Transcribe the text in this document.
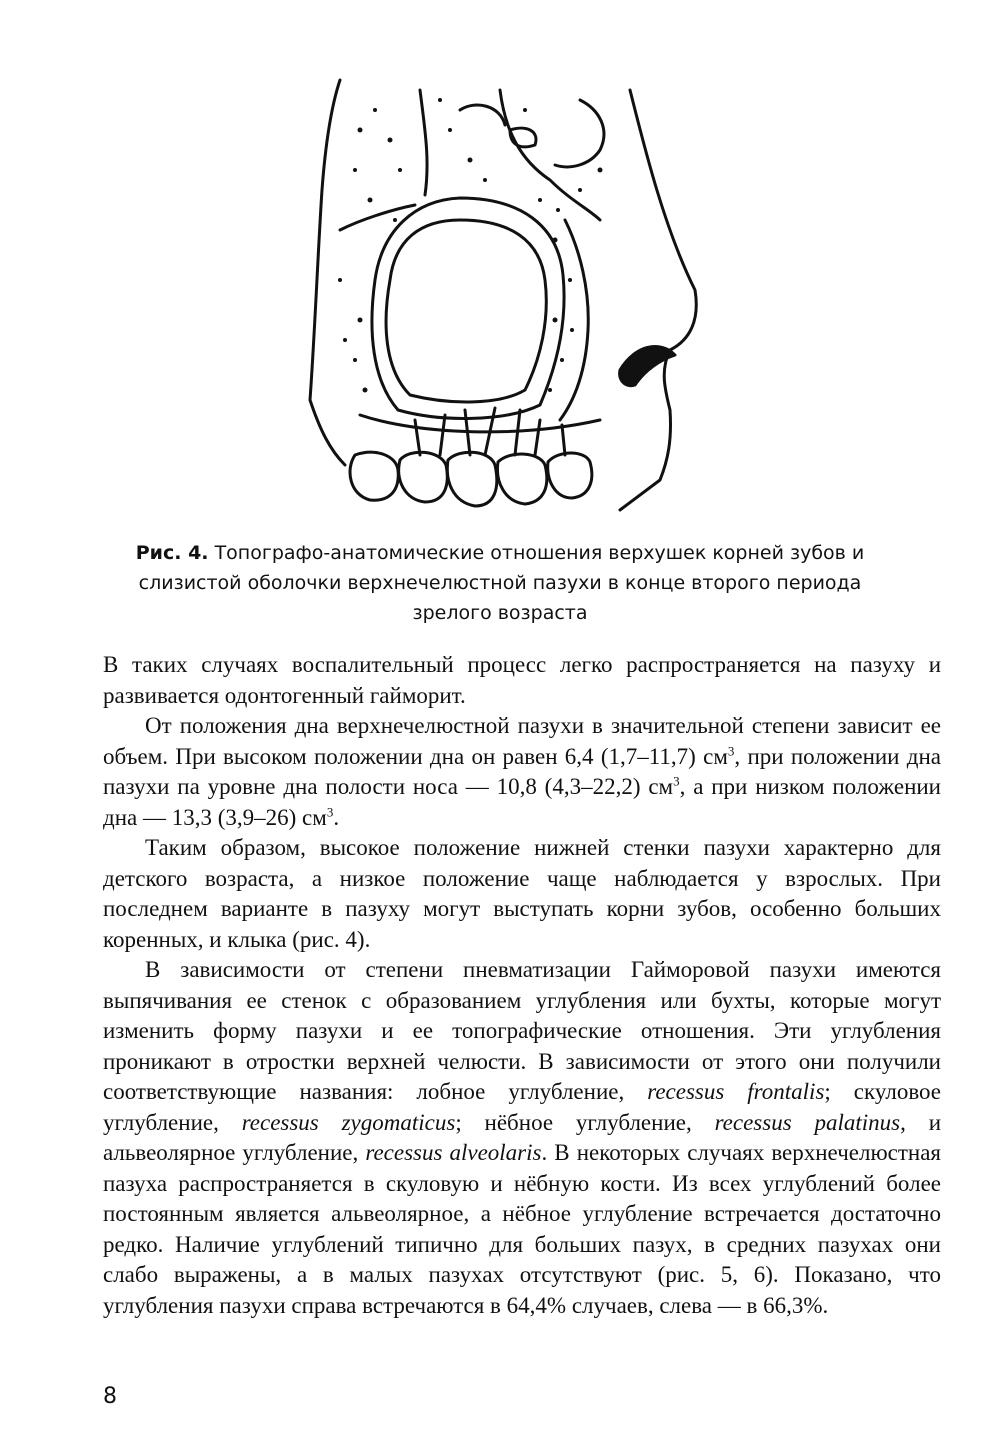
Рис. 4. Топографо-анатомические отношения верхушек корней зубов и слизистой оболочки верхнечелюстной пазухи в конце второго периода зрелого возраста

В таких случаях воспалительный процесс легко распространяется на пазуху и развивается одонтогенный гайморит.

От положения дна верхнечелюстной пазухи в значительной степени зависит ее объем. При высоком положении дна он равен 6,4 (1,7–11,7) $см^3$, при положении дна пазухи па уровне дна полости носа — 10,8 (4,3–22,2) $см^3$, а при низком положении дна — 13,3 (3,9–26) $см^3$.

Таким образом, высокое положение нижней стенки пазухи характерно для детского возраста, а низкое положение чаще наблюдается у взрослых. При последнем варианте в пазуху могут выступать корни зубов, особенно больших коренных, и клыка (рис. 4).

В зависимости от степени пневматизации Гайморовой пазухи имеются выпячивания ее стенок с образованием углубления или бухты, которые могут изменить форму пазухи и ее топографические отношения. Эти углубления проникают в отростки верхней челюсти. В зависимости от этого они получили соответствующие названия: лобное углубление, recessus frontalis; скуловое углубление, recessus zygomaticus; нёбное углубление, recessus palatinus, и альвеолярное углубление, recessus alveolaris. В некоторых случаях верхнечелюстная пазуха распространяется в скуловую и нёбную кости. Из всех углублений более постоянным является альвеолярное, а нёбное углубление встречается достаточно редко. Наличие углублений типично для больших пазух, в средних пазухах они слабо выражены, а в малых пазухах отсутствуют (рис. 5, 6). Показано, что углубления пазухи справа встречаются в 64,4% случаев, слева — в 66,3%.

8
